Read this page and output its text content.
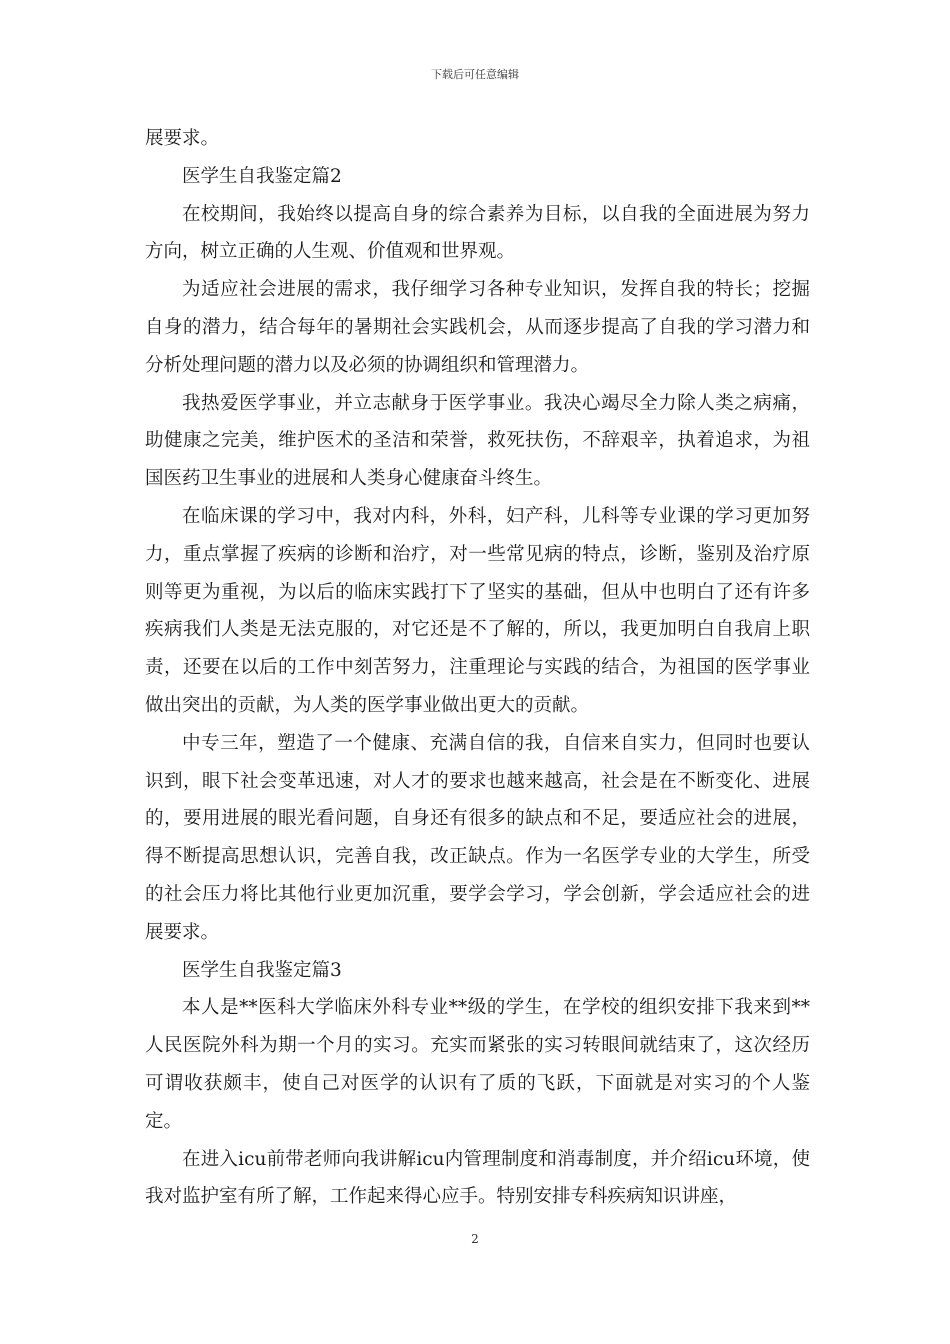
下载后可任意编辑

展要求。

医学生自我鉴定篇2

在校期间，我始终以提高自身的综合素养为目标，以自我的全面进展为努力方向，树立正确的人生观、价值观和世界观。

为适应社会进展的需求，我仔细学习各种专业知识，发挥自我的特长；挖掘自身的潜力，结合每年的暑期社会实践机会，从而逐步提高了自我的学习潜力和分析处理问题的潜力以及必须的协调组织和管理潜力。

我热爱医学事业，并立志献身于医学事业。我决心竭尽全力除人类之病痛，助健康之完美，维护医术的圣洁和荣誉，救死扶伤，不辞艰辛，执着追求，为祖国医药卫生事业的进展和人类身心健康奋斗终生。

在临床课的学习中，我对内科，外科，妇产科，儿科等专业课的学习更加努力，重点掌握了疾病的诊断和治疗，对一些常见病的特点，诊断，鉴别及治疗原则等更为重视，为以后的临床实践打下了坚实的基础，但从中也明白了还有许多疾病我们人类是无法克服的，对它还是不了解的，所以，我更加明白自我肩上职责，还要在以后的工作中刻苦努力，注重理论与实践的结合，为祖国的医学事业做出突出的贡献，为人类的医学事业做出更大的贡献。

中专三年，塑造了一个健康、充满自信的我，自信来自实力，但同时也要认识到，眼下社会变革迅速，对人才的要求也越来越高，社会是在不断变化、进展的，要用进展的眼光看问题，自身还有很多的缺点和不足，要适应社会的进展，得不断提高思想认识，完善自我，改正缺点。作为一名医学专业的大学生，所受的社会压力将比其他行业更加沉重，要学会学习，学会创新，学会适应社会的进展要求。

医学生自我鉴定篇3

本人是**医科大学临床外科专业**级的学生，在学校的组织安排下我来到**人民医院外科为期一个月的实习。充实而紧张的实习转眼间就结束了，这次经历可谓收获颇丰，使自己对医学的认识有了质的飞跃，下面就是对实习的个人鉴定。

在进入icu前带老师向我讲解icu内管理制度和消毒制度，并介绍icu环境，使我对监护室有所了解，工作起来得心应手。特别安排专科疾病知识讲座，

2
